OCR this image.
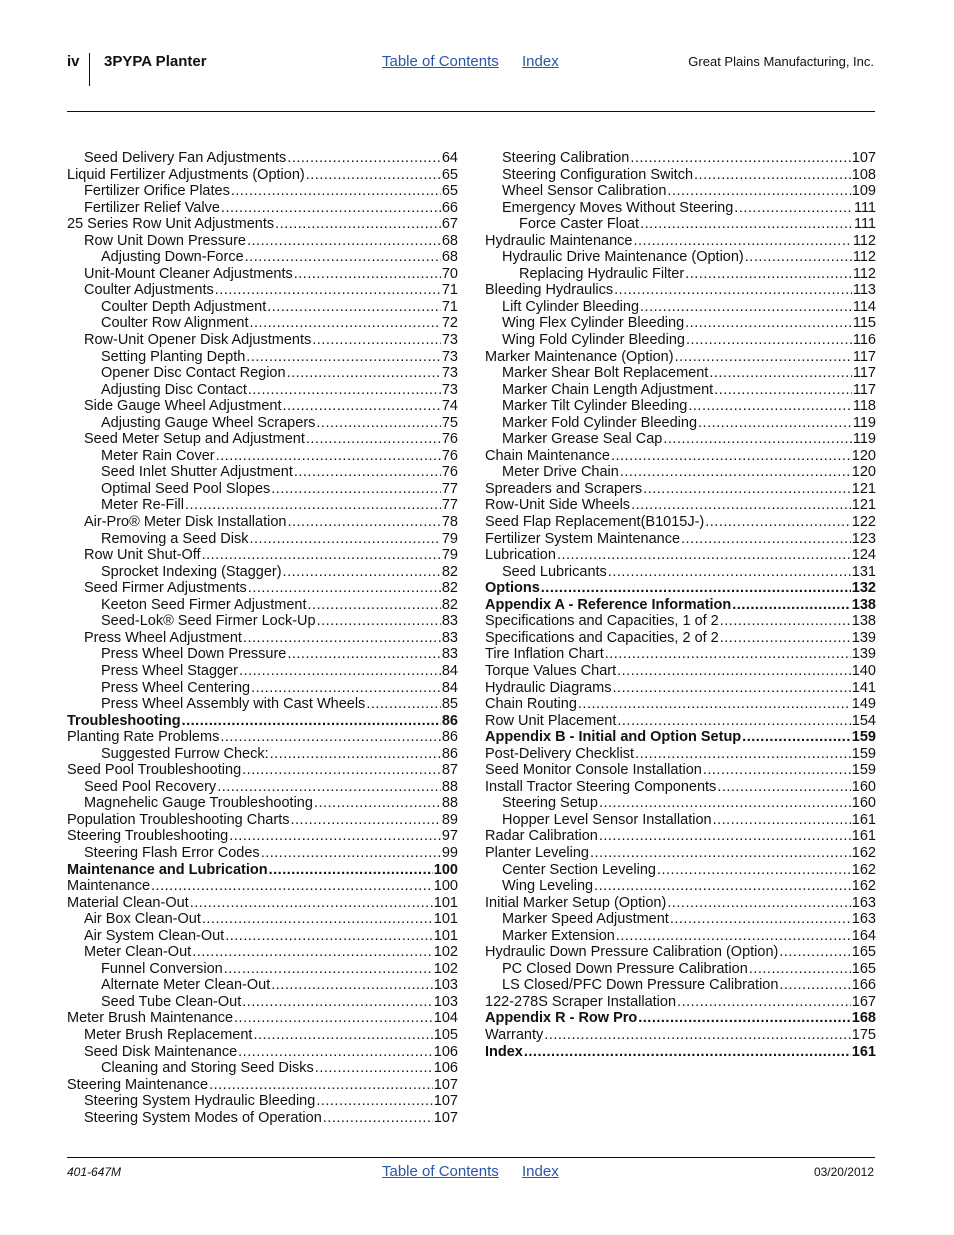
iv 3PYPA Planter	Table of Contents Index	Great Plains Manufacturing, Inc.
Seed Delivery Fan Adjustments .....	64
Liquid Fertilizer Adjustments (Option) .....	65
Fertilizer Orifice Plates .....	65
Fertilizer Relief Valve .....	66
25 Series Row Unit Adjustments .....	67
Row Unit Down Pressure .....	68
Adjusting Down-Force .....	68
Unit-Mount Cleaner Adjustments .....	70
Coulter Adjustments .....	71
Coulter Depth Adjustment .....	71
Coulter Row Alignment .....	72
Row-Unit Opener Disk Adjustments .....	73
Setting Planting Depth .....	73
Opener Disc Contact Region .....	73
Adjusting Disc Contact .....	73
Side Gauge Wheel Adjustment .....	74
Adjusting Gauge Wheel Scrapers .....	75
Seed Meter Setup and Adjustment .....	76
Meter Rain Cover .....	76
Seed Inlet Shutter Adjustment .....	76
Optimal Seed Pool Slopes .....	77
Meter Re-Fill .....	77
Air-Pro® Meter Disk Installation .....	78
Removing a Seed Disk .....	79
Row Unit Shut-Off .....	79
Sprocket Indexing (Stagger) .....	82
Seed Firmer Adjustments .....	82
Keeton Seed Firmer Adjustment .....	82
Seed-Lok® Seed Firmer Lock-Up .....	83
Press Wheel Adjustment .....	83
Press Wheel Down Pressure .....	83
Press Wheel Stagger .....	84
Press Wheel Centering .....	84
Press Wheel Assembly with Cast Wheels .....	85
Troubleshooting .....	86
Planting Rate Problems .....	86
Suggested Furrow Check: .....	86
Seed Pool Troubleshooting .....	87
Seed Pool Recovery .....	88
Magnehelic Gauge Troubleshooting .....	88
Population Troubleshooting Charts .....	89
Steering Troubleshooting .....	97
Steering Flash Error Codes .....	99
Maintenance and Lubrication .....	100
Maintenance .....	100
Material Clean-Out .....	101
Air Box Clean-Out .....	101
Air System Clean-Out .....	101
Meter Clean-Out .....	102
Funnel Conversion .....	102
Alternate Meter Clean-Out .....	103
Seed Tube Clean-Out .....	103
Meter Brush Maintenance .....	104
Meter Brush Replacement .....	105
Seed Disk Maintenance .....	106
Cleaning and Storing Seed Disks .....	106
Steering Maintenance .....	107
Steering System Hydraulic Bleeding .....	107
Steering System Modes of Operation .....	107
Steering Calibration .....	107
Steering Configuration Switch .....	108
Wheel Sensor Calibration .....	109
Emergency Moves Without Steering .....	111
Force Caster Float .....	111
Hydraulic Maintenance .....	112
Hydraulic Drive Maintenance (Option) .....	112
Replacing Hydraulic Filter .....	112
Bleeding Hydraulics .....	113
Lift Cylinder Bleeding .....	114
Wing Flex Cylinder Bleeding .....	115
Wing Fold Cylinder Bleeding .....	116
Marker Maintenance (Option) .....	117
Marker Shear Bolt Replacement .....	117
Marker Chain Length Adjustment .....	117
Marker Tilt Cylinder Bleeding .....	118
Marker Fold Cylinder Bleeding .....	119
Marker Grease Seal Cap .....	119
Chain Maintenance .....	120
Meter Drive Chain .....	120
Spreaders and Scrapers .....	121
Row-Unit Side Wheels .....	121
Seed Flap Replacement(B1015J-) .....	122
Fertilizer System Maintenance .....	123
Lubrication .....	124
Seed Lubricants .....	131
Options .....	132
Appendix A - Reference Information .....	138
Specifications and Capacities, 1 of 2 .....	138
Specifications and Capacities, 2 of 2 .....	139
Tire Inflation Chart .....	139
Torque Values Chart .....	140
Hydraulic Diagrams .....	141
Chain Routing .....	149
Row Unit Placement .....	154
Appendix B - Initial and Option Setup .....	159
Post-Delivery Checklist .....	159
Seed Monitor Console Installation .....	159
Install Tractor Steering Components .....	160
Steering Setup .....	160
Hopper Level Sensor Installation .....	161
Radar Calibration .....	161
Planter Leveling .....	162
Center Section Leveling .....	162
Wing Leveling .....	162
Initial Marker Setup (Option) .....	163
Marker Speed Adjustment .....	163
Marker Extension .....	164
Hydraulic Down Pressure Calibration (Option) .....	165
PC Closed Down Pressure Calibration .....	165
LS Closed/PFC Down Pressure Calibration .....	166
122-278S Scraper Installation .....	167
Appendix R - Row Pro .....	168
Warranty .....	175
Index .....	161
401-647M	Table of Contents Index	03/20/2012
